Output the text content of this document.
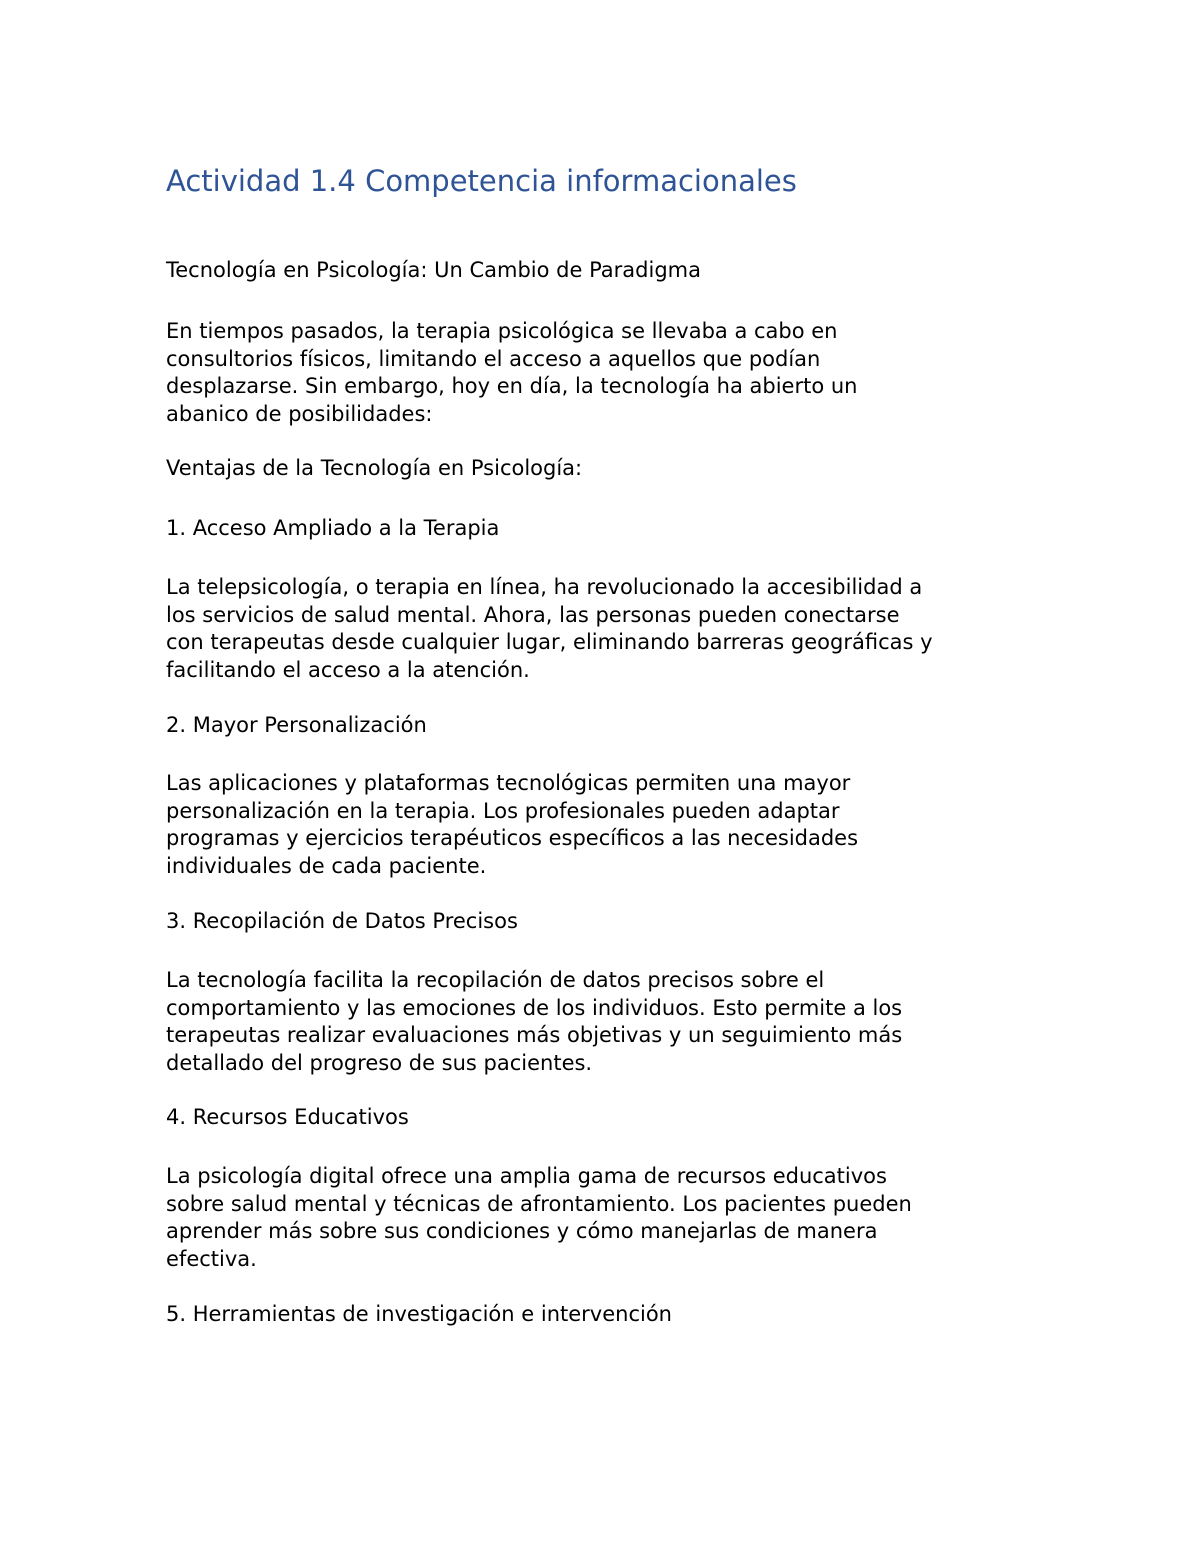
Actividad 1.4 Competencia informacionales

Tecnología en Psicología: Un Cambio de Paradigma

En tiempos pasados, la terapia psicológica se llevaba a cabo en
consultorios físicos, limitando el acceso a aquellos que podían
desplazarse. Sin embargo, hoy en día, la tecnología ha abierto un
abanico de posibilidades:

Ventajas de la Tecnología en Psicología:

1. Acceso Ampliado a la Terapia

La telepsicología, o terapia en línea, ha revolucionado la accesibilidad a
los servicios de salud mental. Ahora, las personas pueden conectarse
con terapeutas desde cualquier lugar, eliminando barreras geográficas y
facilitando el acceso a la atención.

2. Mayor Personalización

Las aplicaciones y plataformas tecnológicas permiten una mayor
personalización en la terapia. Los profesionales pueden adaptar
programas y ejercicios terapéuticos específicos a las necesidades
individuales de cada paciente.

3. Recopilación de Datos Precisos

La tecnología facilita la recopilación de datos precisos sobre el
comportamiento y las emociones de los individuos. Esto permite a los
terapeutas realizar evaluaciones más objetivas y un seguimiento más
detallado del progreso de sus pacientes.

4. Recursos Educativos

La psicología digital ofrece una amplia gama de recursos educativos
sobre salud mental y técnicas de afrontamiento. Los pacientes pueden
aprender más sobre sus condiciones y cómo manejarlas de manera
efectiva.

5. Herramientas de investigación e intervención
